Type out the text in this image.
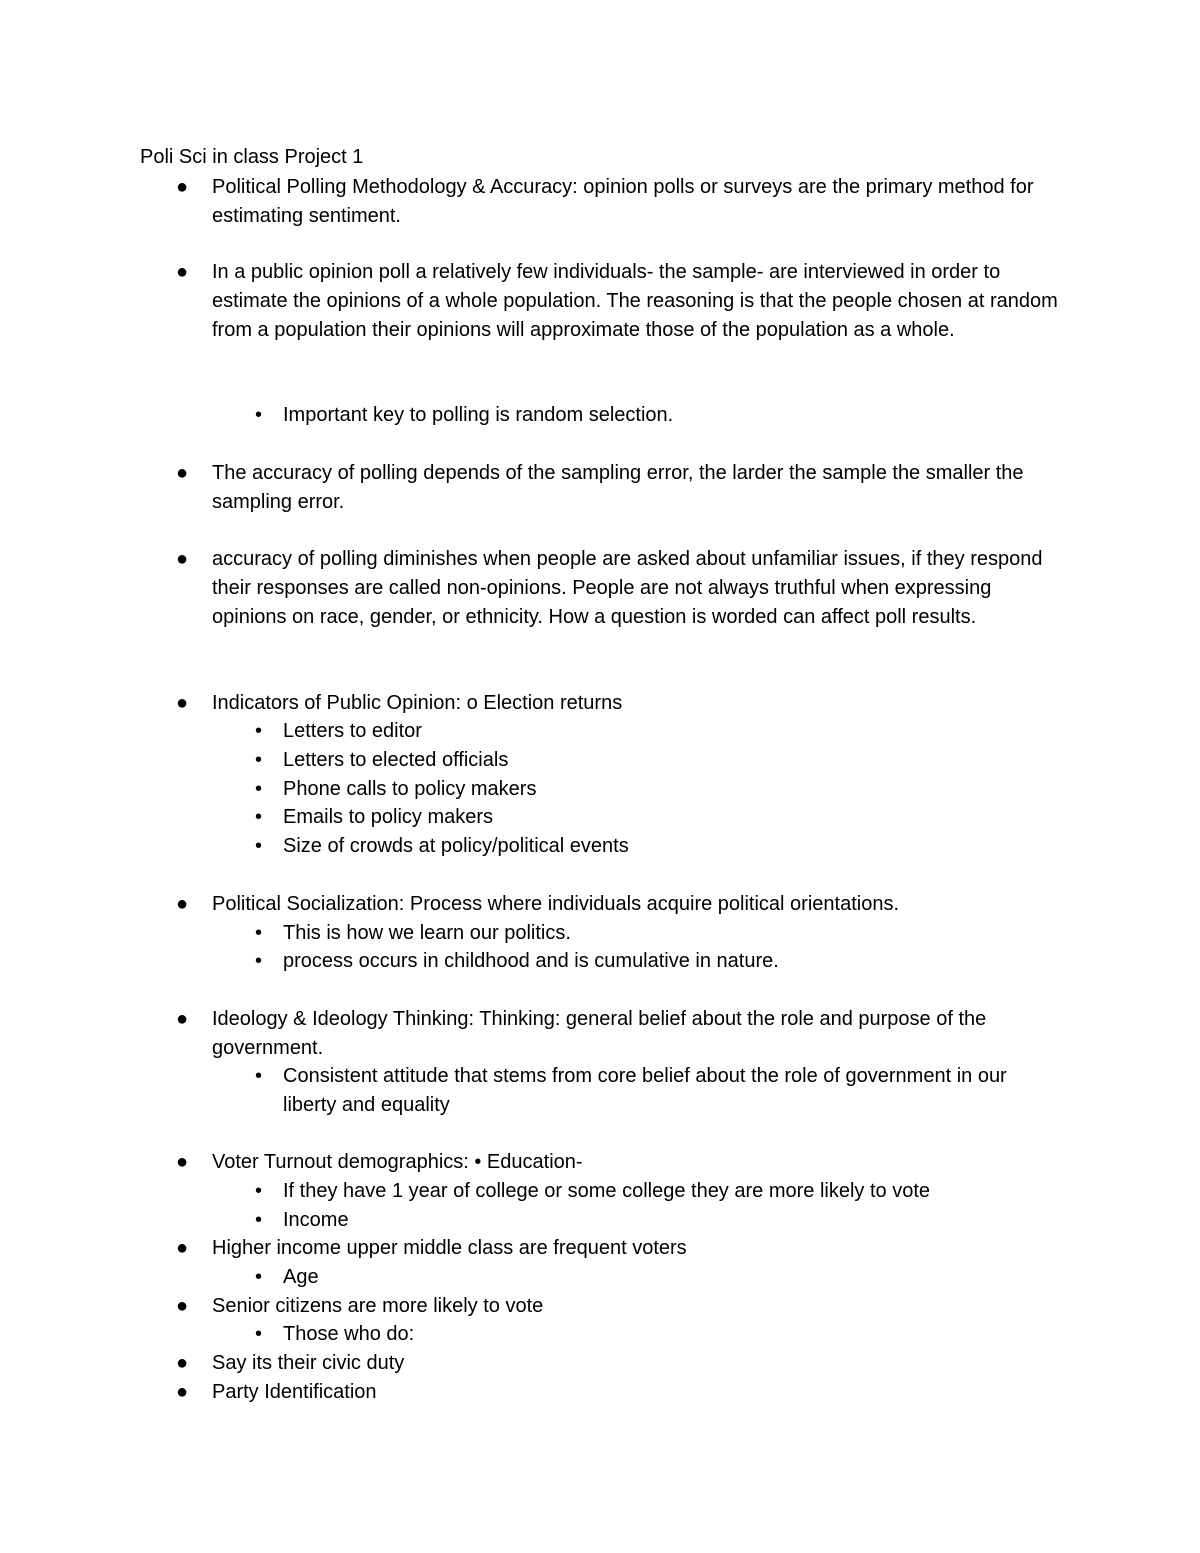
Poli Sci in class Project 1
● Political Polling Methodology & Accuracy: opinion polls or surveys are the primary method for estimating sentiment.
● In a public opinion poll a relatively few individuals- the sample- are interviewed in order to estimate the opinions of a whole population. The reasoning is that the people chosen at random from a population their opinions will approximate those of the population as a whole.
• Important key to polling is random selection.
● The accuracy of polling depends of the sampling error, the larder the sample the smaller the sampling error.
● accuracy of polling diminishes when people are asked about unfamiliar issues, if they respond their responses are called non-opinions. People are not always truthful when expressing opinions on race, gender, or ethnicity. How a question is worded can affect poll results.
● Indicators of Public Opinion: o Election returns
• Letters to editor
• Letters to elected officials
• Phone calls to policy makers
• Emails to policy makers
• Size of crowds at policy/political events
● Political Socialization: Process where individuals acquire political orientations.
• This is how we learn our politics.
• process occurs in childhood and is cumulative in nature.
● Ideology & Ideology Thinking: Thinking: general belief about the role and purpose of the government.
• Consistent attitude that stems from core belief about the role of government in our liberty and equality
● Voter Turnout demographics: • Education-
• If they have 1 year of college or some college they are more likely to vote
• Income
● Higher income upper middle class are frequent voters
• Age
● Senior citizens are more likely to vote
• Those who do:
● Say its their civic duty
● Party Identification
